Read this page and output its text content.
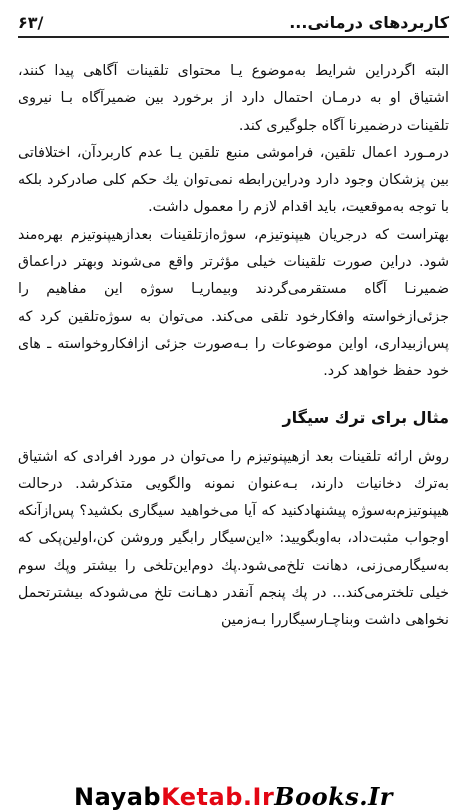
کاربردهای درمانی...
۶۳/

البته اگردراین شرایط به‌موضوع یـا محتوای تلقینات آگاهی پیدا کنند، اشتیاق او به درمـان احتمال دارد از برخورد بین ضمیرآگاه بـا نیروی تلقینات درضمیرنا آگاه جلوگیری کند.

درمـورد اعمال تلقین، فراموشی منبع تلقین یـا عدم کاربردآن، اختلافاتی بین پزشکان وجود دارد ودراین‌رابطه نمی‌توان یك حکم کلی صادرکرد بلکه با توجه به‌موقعیت، باید اقدام لازم را معمول داشت.

بهتراست که درجریان هیپنوتیزم، سوژه‌ازتلقینات بعدازهیپنوتیزم بهره‌مند شود. دراین صورت تلقینات خیلی مؤثرتر واقع می‌شوند وبهتر دراعماق ضمیرنـا آگاه مستقرمی‌گردند وبیماریـا سوژه این مفاهیم را جزئی‌ازخواسته وافکارخود تلقی می‌کند. می‌توان به سوژه‌تلقین کرد که پس‌ازبیداری، اواین موضوعات را بـه‌صورت جزئی ازافکاروخواسته ـ های خود حفظ خواهد کرد.

مثال برای ترك سیگار

روش ارائه تلقینات بعد ازهیپنوتیزم را می‌توان در مورد افرادی که اشتیاق به‌ترك دخانیات دارند، بـه‌عنوان نمونه والگویی متذکرشد. درحالت هیپنوتیزم‌به‌سوژه پیشنهادکنید که آیا می‌خواهید سیگاری بکشید؟ پس‌ازآنکه اوجواب مثبت‌داد، به‌اوبگویید: «این‌سیگار رابگیر وروشن کن،اولین‌پکی که به‌سیگارمی‌زنی، دهانت تلخ‌می‌شود.پك دوم‌این‌تلخی را بیشتر وپك سوم خیلی تلخترمی‌کند... در پك پنجم آنقدر دهـانت تلخ می‌شودکه بیشترتحمل نخواهی داشت وبناچـارسیگاررا بـه‌زمین

Nayab Ketab.Ir Books.Ir
